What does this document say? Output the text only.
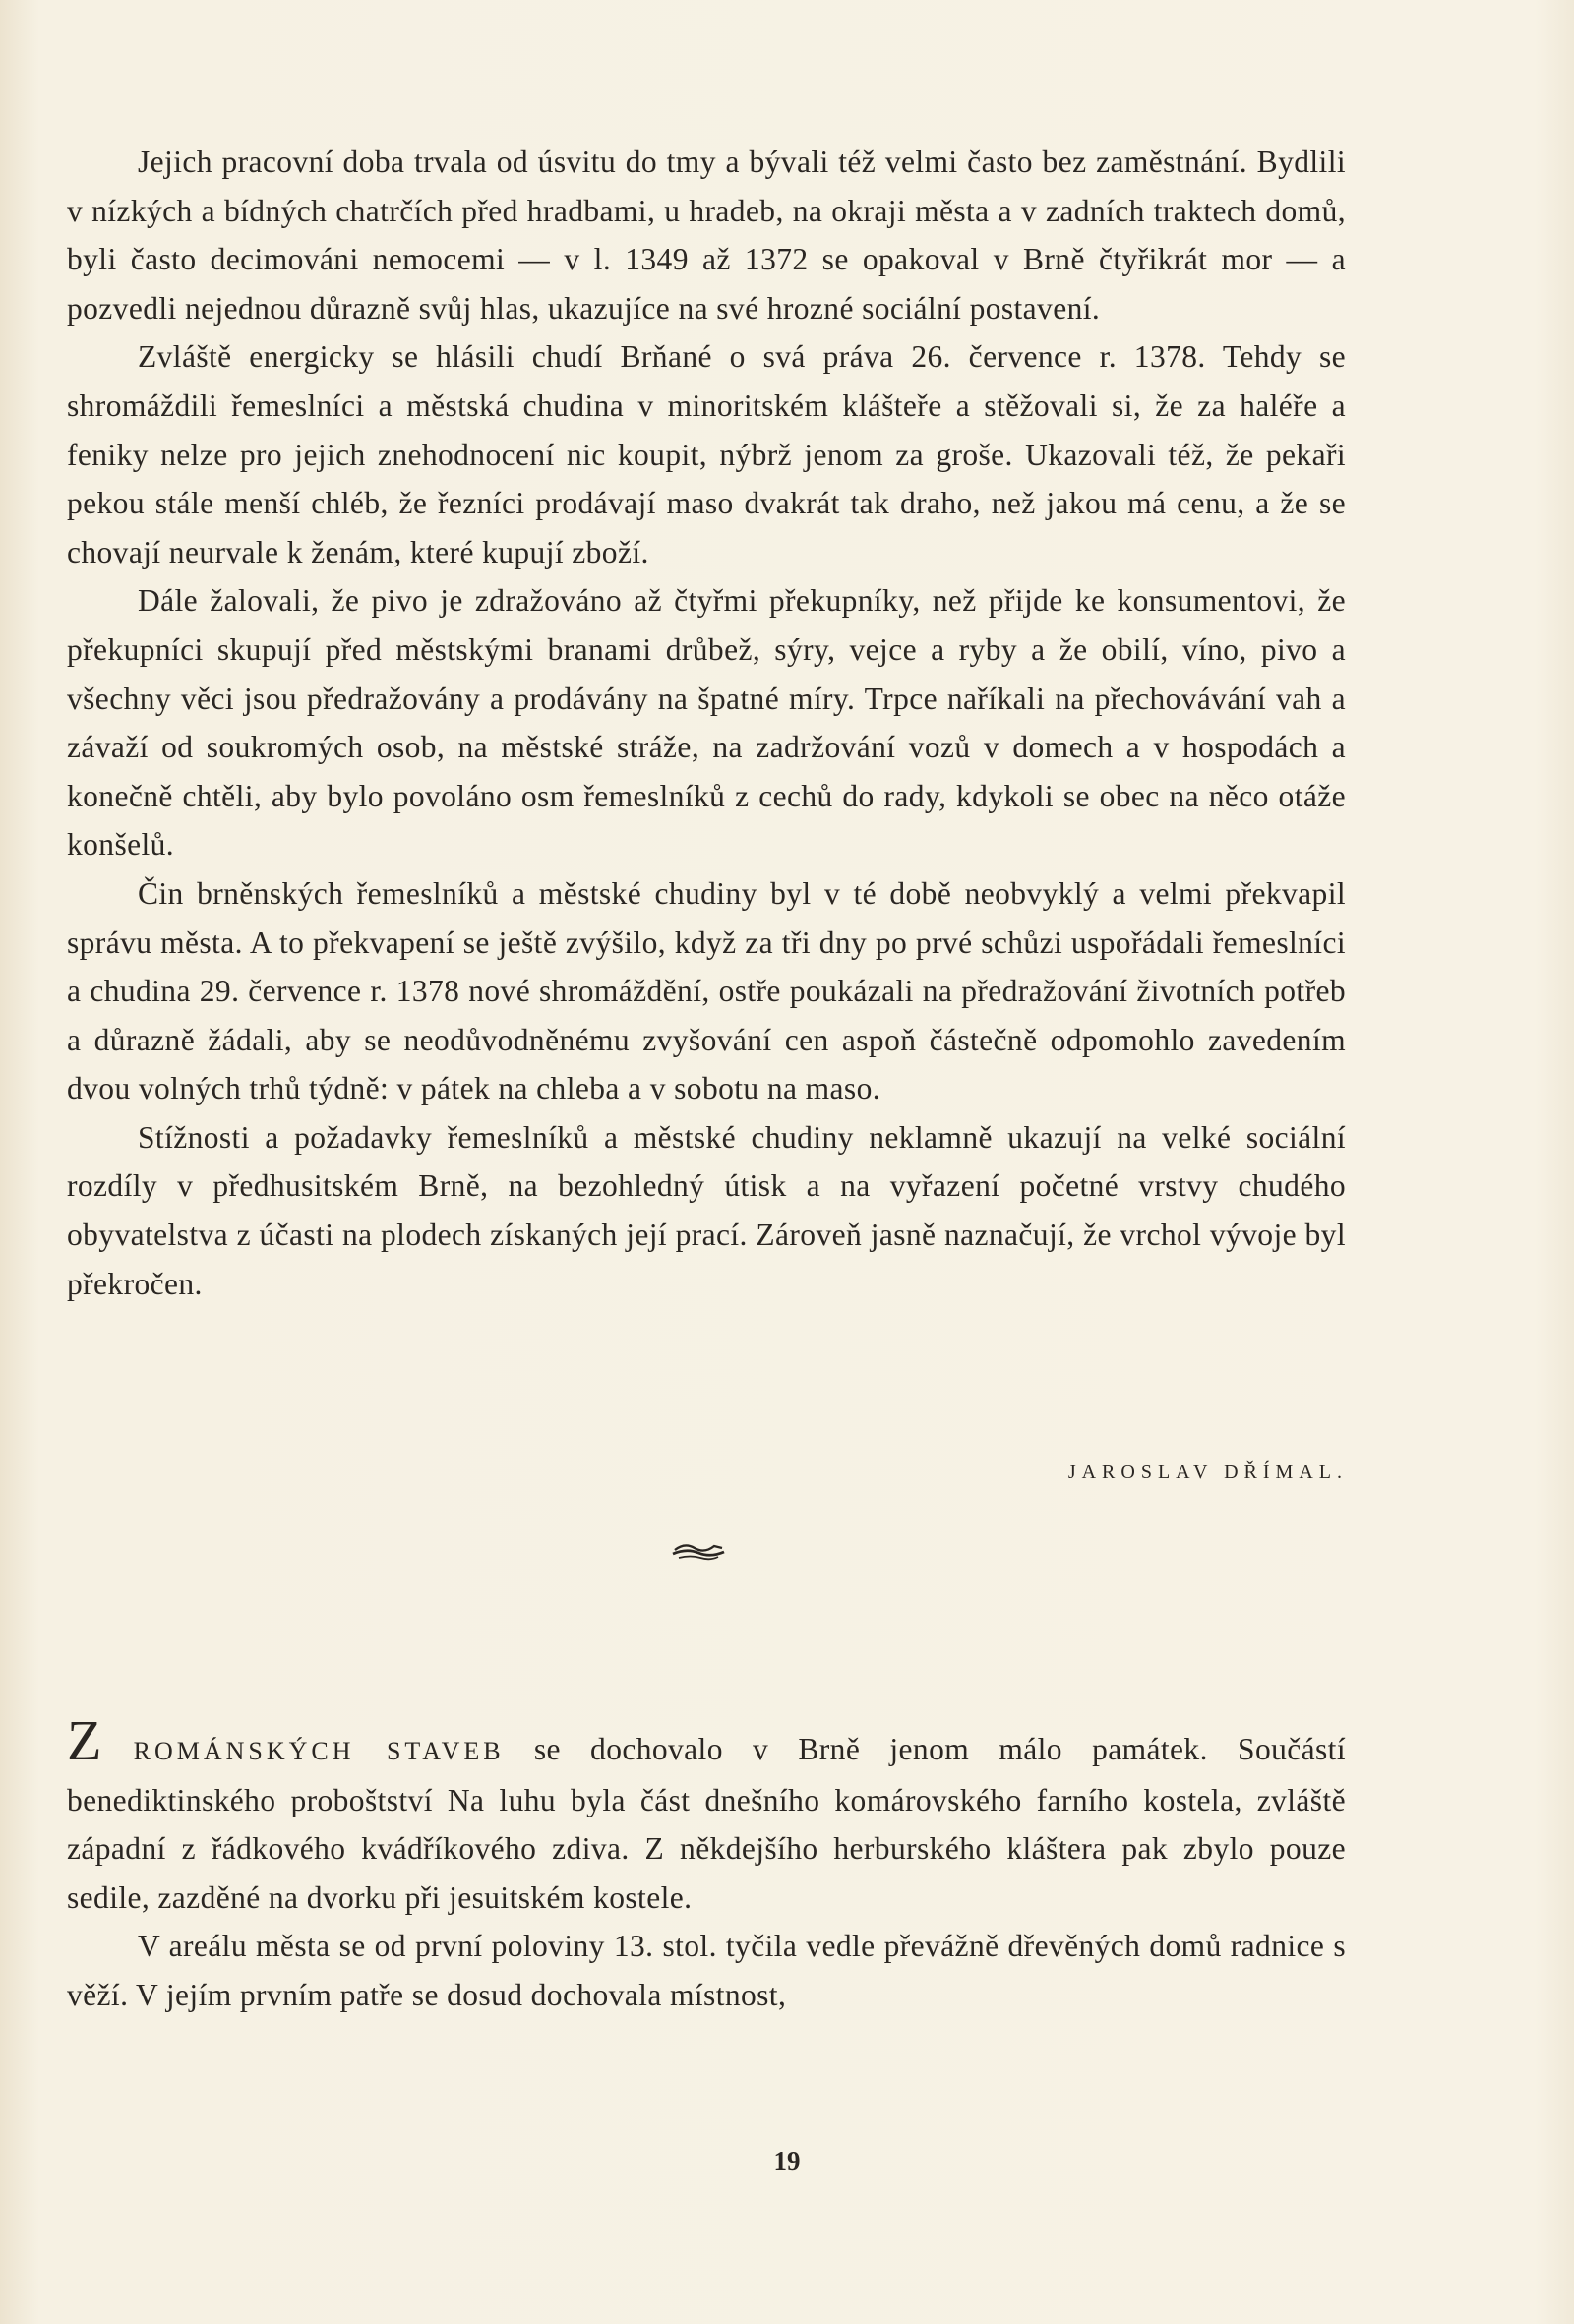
Jejich pracovní doba trvala od úsvitu do tmy a bývali též velmi často bez zaměstnání. Bydlili v nízkých a bídných chatrčích před hradbami, u hradeb, na okraji města a v zadních traktech domů, byli často decimováni nemocemi — v l. 1349 až 1372 se opakoval v Brně čtyřikrát mor — a pozvedli nejednou důrazně svůj hlas, ukazujíce na své hrozné sociální postavení.

Zvláště energicky se hlásili chudí Brňané o svá práva 26. července r. 1378. Tehdy se shromáždili řemeslníci a městská chudina v minoritském klášteře a stěžovali si, že za haléře a feniky nelze pro jejich znehodnocení nic koupit, nýbrž jenom za groše. Ukazovali též, že pekaři pekou stále menší chléb, že řezníci prodávají maso dvakrát tak draho, než jakou má cenu, a že se chovají neurvale k ženám, které kupují zboží.

Dále žalovali, že pivo je zdražováno až čtyřmi překupníky, než přijde ke konsumentovi, že překupníci skupují před městskými branami drůbež, sýry, vejce a ryby a že obilí, víno, pivo a všechny věci jsou předražovány a prodávány na špatné míry. Trpce naříkali na přechovávání vah a závaží od soukromých osob, na městské stráže, na zadržování vozů v domech a v hospodách a konečně chtěli, aby bylo povoláno osm řemeslníků z cechů do rady, kdykoli se obec na něco otáže konšelů.

Čin brněnských řemeslníků a městské chudiny byl v té době neobvyklý a velmi překvapil správu města. A to překvapení se ještě zvýšilo, když za tři dny po prvé schůzi uspořádali řemeslníci a chudina 29. července r. 1378 nové shromáždění, ostře poukázali na předražování životních potřeb a důrazně žádali, aby se neodůvodněnému zvyšování cen aspoň částečně odpomohlo zavedením dvou volných trhů týdně: v pátek na chleba a v sobotu na maso.

Stížnosti a požadavky řemeslníků a městské chudiny neklamně ukazují na velké sociální rozdíly v předhusitském Brně, na bezohledný útisk a na vyřazení početné vrstvy chudého obyvatelstva z účasti na plodech získaných její prací. Zároveň jasně naznačují, že vrchol vývoje byl překročen.

JAROSLAV DŘÍMAL.

Z ROMÁNSKÝCH STAVEB se dochovalo v Brně jenom málo památek. Součástí benediktinského proboštství Na luhu byla část dnešního komárovského farního kostela, zvláště západní z řádkového kvádříkového zdiva. Z někdejšího herburského kláštera pak zbylo pouze sedile, zazděné na dvorku při jesuitském kostele.

V areálu města se od první poloviny 13. stol. tyčila vedle převážně dřevěných domů radnice s věží. V jejím prvním patře se dosud dochovala místnost,

19
